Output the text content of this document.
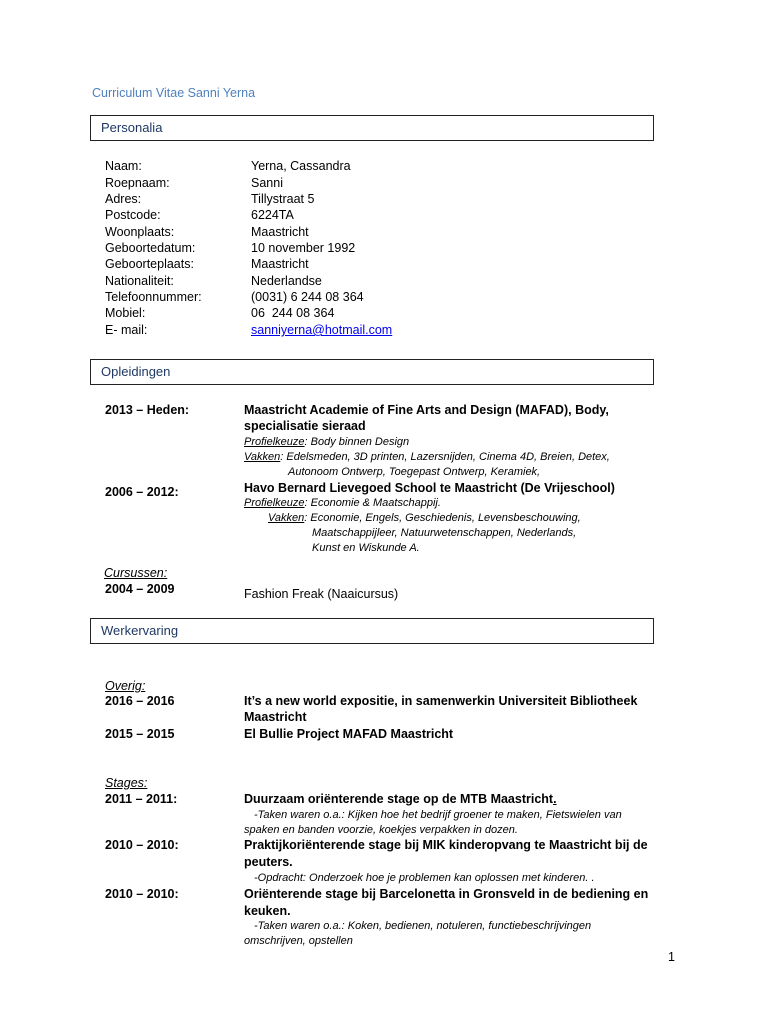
Curriculum Vitae Sanni Yerna
Personalia
Naam:	Yerna, Cassandra
Roepnaam:	Sanni
Adres:	Tillystraat 5
Postcode:	6224TA
Woonplaats:	Maastricht
Geboortedatum:	10 november 1992
Geboorteplaats:	Maastricht
Nationaliteit:	Nederlandse
Telefoonnummer:	(0031) 6 244 08 364
Mobiel:	06  244 08 364
E- mail:	sanniyerna@hotmail.com
Opleidingen
2013 – Heden:	Maastricht Academie of Fine Arts and Design (MAFAD), Body,
specialisatie sieraad
Profielkeuze: Body binnen Design
Vakken: Edelsmeden, 3D printen, Lazersnijden, Cinema 4D, Breien, Detex,
Autonoom Ontwerp, Toegepast Ontwerp, Keramiek,
2006 – 2012:	Havo Bernard Lievegoed School te Maastricht (De Vrijeschool)
Profielkeuze: Economie & Maatschappij.
Vakken: Economie, Engels, Geschiedenis, Levensbeschouwing,
Maatschappijleer, Natuurwetenschappen, Nederlands,
Kunst en Wiskunde A.
Cursussen:
2004 – 2009	Fashion Freak (Naaicursus)
Werkervaring
Overig:
2016 – 2016	It’s a new world expositie, in samenwerkin Universiteit Bibliotheek
Maastricht
2015 – 2015	El Bullie Project MAFAD Maastricht
Stages:
2011 – 2011:	Duurzaam oriënterende stage op de MTB Maastricht.
-Taken waren o.a.: Kijken hoe het bedrijf groener te maken, Fietswielen van
spaken en banden voorzie, koekjes verpakken in dozen.
2010 – 2010:	Praktijkoriënterende stage bij MIK kinderopvang te Maastricht bij de
peuters.
-Opdracht: Onderzoek hoe je problemen kan oplossen met kinderen. .
2010 – 2010:	Oriënterende stage bij Barcelonetta in Gronsveld in de bediening en
keuken.
-Taken waren o.a.: Koken, bedienen, notuleren, functiebeschrijvingen
omschrijven, opstellen
1
